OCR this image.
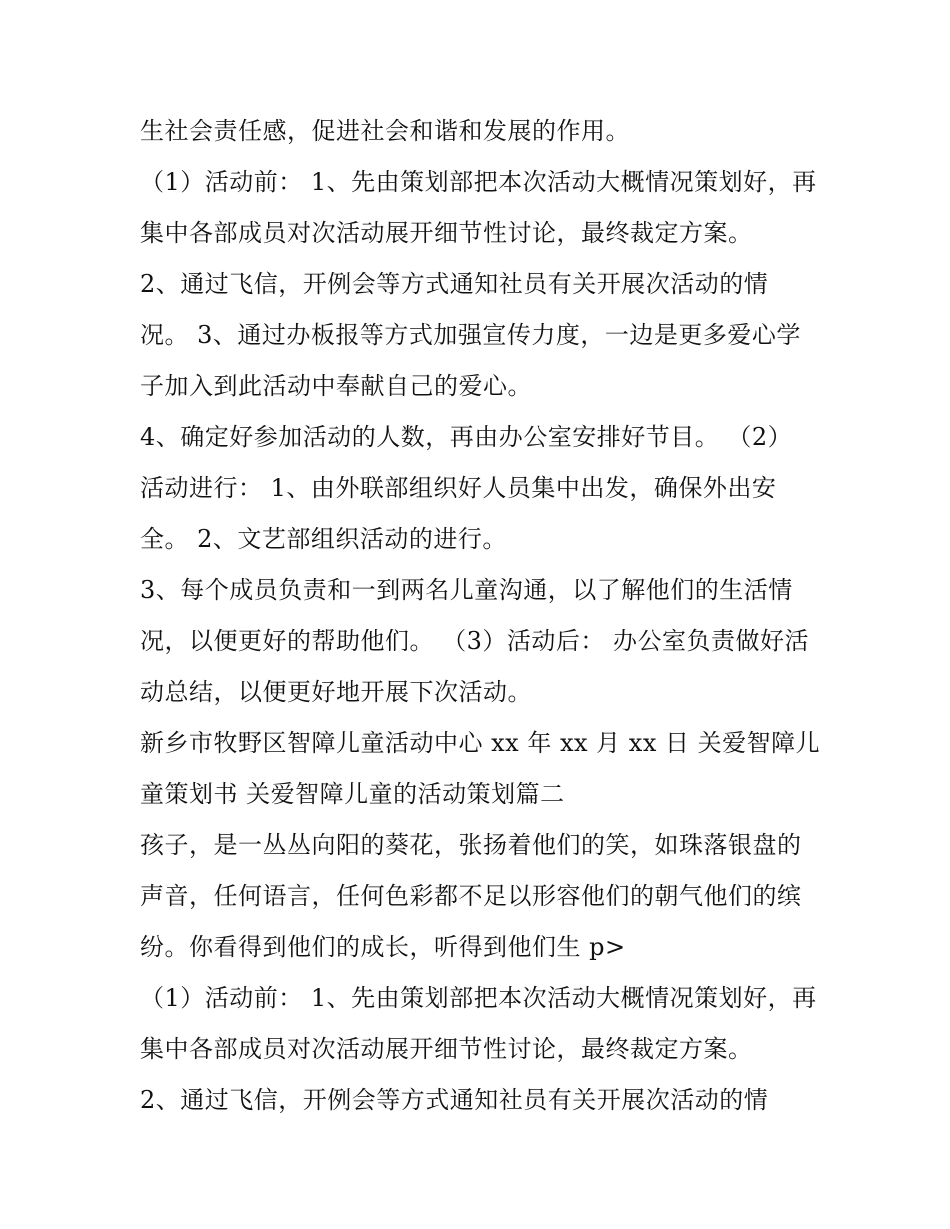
生社会责任感，促进社会和谐和发展的作用。
（1）活动前： 1、先由策划部把本次活动大概情况策划好，再
集中各部成员对次活动展开细节性讨论，最终裁定方案。
2、通过飞信，开例会等方式通知社员有关开展次活动的情
况。 3、通过办板报等方式加强宣传力度，一边是更多爱心学
子加入到此活动中奉献自己的爱心。
4、确定好参加活动的人数，再由办公室安排好节目。 （2）
活动进行： 1、由外联部组织好人员集中出发，确保外出安
全。 2、文艺部组织活动的进行。
3、每个成员负责和一到两名儿童沟通，以了解他们的生活情
况，以便更好的帮助他们。 （3）活动后： 办公室负责做好活
动总结，以便更好地开展下次活动。
新乡市牧野区智障儿童活动中心 xx 年 xx 月 xx 日 关爱智障儿
童策划书 关爱智障儿童的活动策划篇二
孩子，是一丛丛向阳的葵花，张扬着他们的笑，如珠落银盘的
声音，任何语言，任何色彩都不足以形容他们的朝气他们的缤
纷。你看得到他们的成长，听得到他们生 p>
（1）活动前： 1、先由策划部把本次活动大概情况策划好，再
集中各部成员对次活动展开细节性讨论，最终裁定方案。
2、通过飞信，开例会等方式通知社员有关开展次活动的情
